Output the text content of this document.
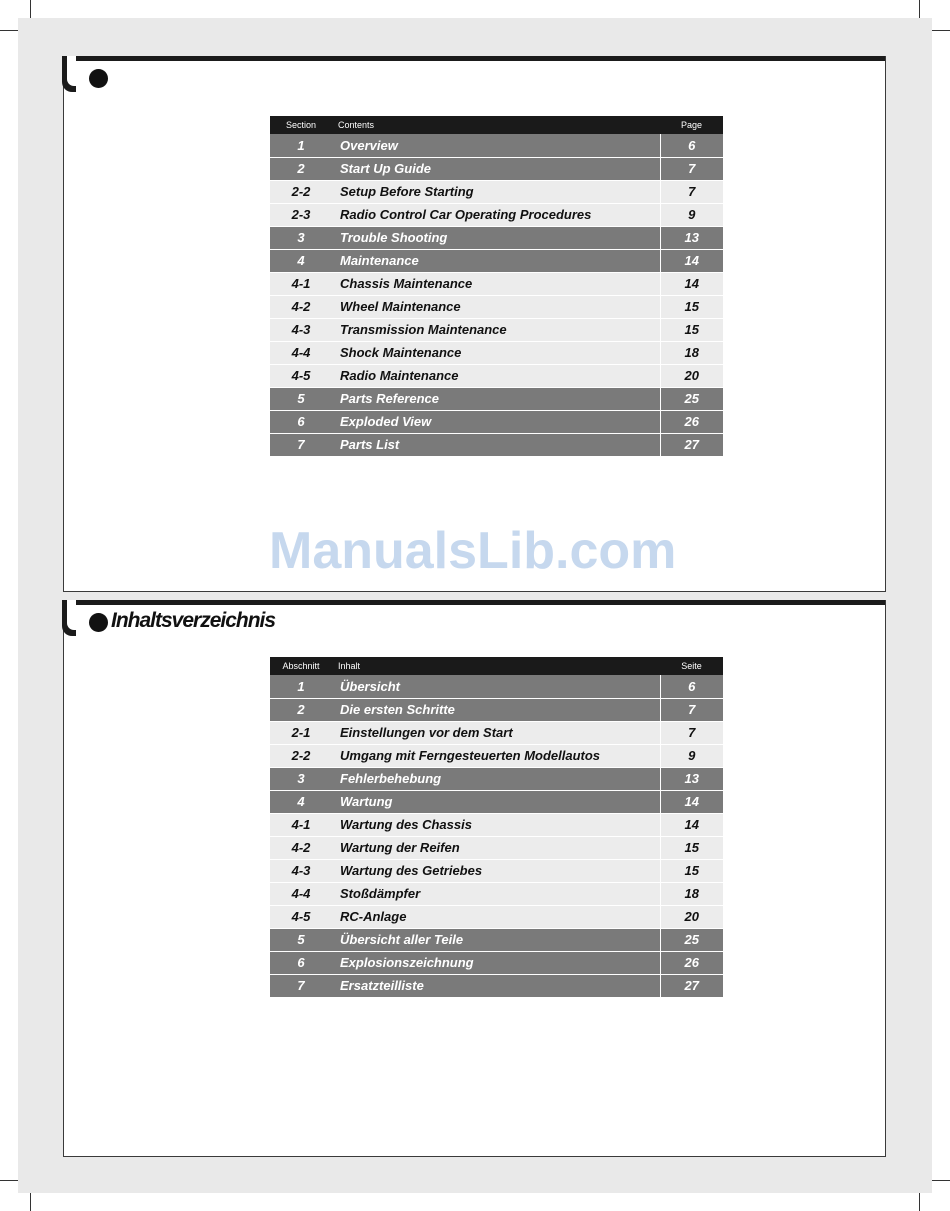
Section	Contents	Page
1	Overview	6
2	Start Up Guide	7
2-2	Setup Before Starting	7
2-3	Radio Control Car Operating Procedures	9
3	Trouble Shooting	13
4	Maintenance	14
4-1	Chassis Maintenance	14
4-2	Wheel Maintenance	15
4-3	Transmission Maintenance	15
4-4	Shock Maintenance	18
4-5	Radio Maintenance	20
5	Parts Reference	25
6	Exploded View	26
7	Parts List	27
ManualsLib.com
Inhaltsverzeichnis
Abschnitt	Inhalt	Seite
1	Übersicht	6
2	Die ersten Schritte	7
2-1	Einstellungen vor dem Start	7
2-2	Umgang mit Ferngesteuerten Modellautos	9
3	Fehlerbehebung	13
4	Wartung	14
4-1	Wartung des Chassis	14
4-2	Wartung der Reifen	15
4-3	Wartung des Getriebes	15
4-4	Stoßdämpfer	18
4-5	RC-Anlage	20
5	Übersicht aller Teile	25
6	Explosionszeichnung	26
7	Ersatzteilliste	27
